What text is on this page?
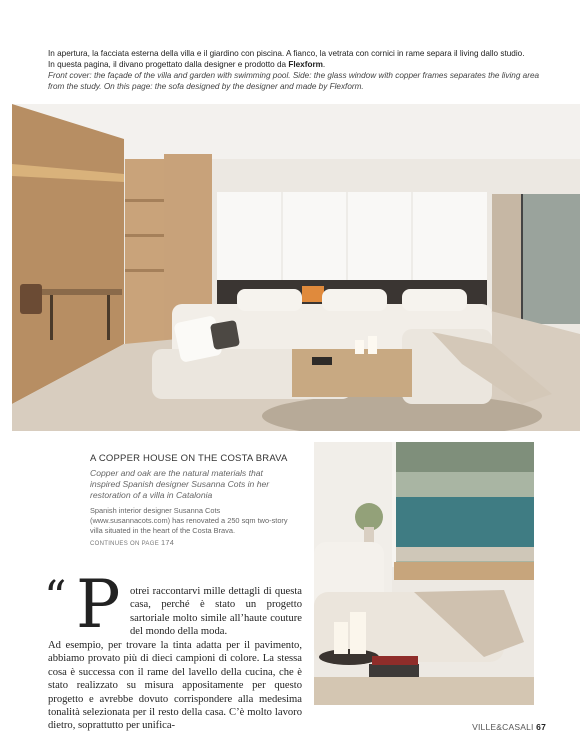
In apertura, la facciata esterna della villa e il giardino con piscina. A fianco, la vetrata con cornici in rame separa il living dallo studio.
In questa pagina, il divano progettato dalla designer e prodotto da Flexform.
Front cover: the façade of the villa and garden with swimming pool. Side: the glass window with copper frames separates the living area from the study. On this page: the sofa designed by the designer and made by Flexform.
A COPPER HOUSE ON THE COSTA BRAVA
Copper and oak are the natural materials that inspired Spanish designer Susanna Cots in her restoration of a villa in Catalonia
Spanish interior designer Susanna Cots (www.susannacots.com) has renovated a 250 sqm two-story villa situated in the heart of the Costa Brava.
CONTINUES ON PAGE 174
“ P otrei raccontarvi mille dettagli di questa casa, perché è stato un progetto sartoriale molto simile all’haute couture del mondo della moda.
Ad esempio, per trovare la tinta adatta per il pavimento, abbiamo provato più di dieci campioni di colore. La stessa cosa è successa con il rame del lavello della cucina, che è stato realizzato su misura appositamente per questo progetto e avrebbe dovuto corrispondere alla medesima tonalità selezionata per il resto della casa. C’è molto lavoro dietro, soprattutto per unifica-	VILLE&CASALI 67
